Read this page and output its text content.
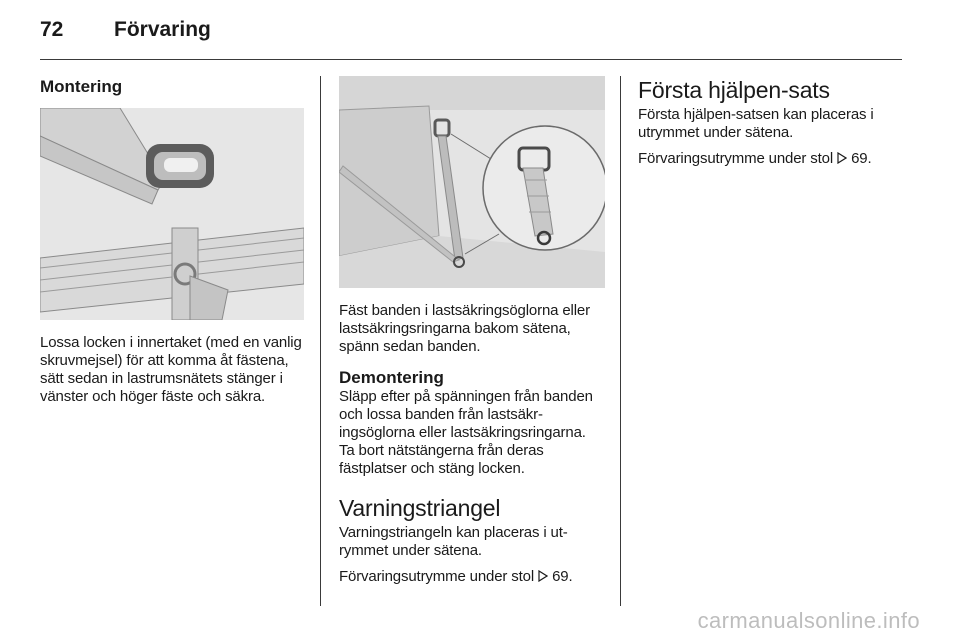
72 Förvaring
Montering

Lossa locken i innertaket (med en vanlig skruvmejsel) för att komma åt fästena, sätt sedan in lastrumsnätets stänger i vänster och höger fäste och säkra.

Fäst banden i lastsäkringsöglorna eller lastsäkringsringarna bakom sätena, spänn sedan banden.

Demontering

Släpp efter på spänningen från banden och lossa banden från lastsäkringsöglorna eller lastsäkringsringarna. Ta bort nätstängerna från deras fästplatser och stäng locken.

Varningstriangel

Varningstriangeln kan placeras i utrymmet under sätena.

Förvaringsutrymme under stol 69.

Första hjälpen-sats

Första hjälpen-satsen kan placeras i utrymmet under sätena.

Förvaringsutrymme under stol 69.

carmanualsonline.info
